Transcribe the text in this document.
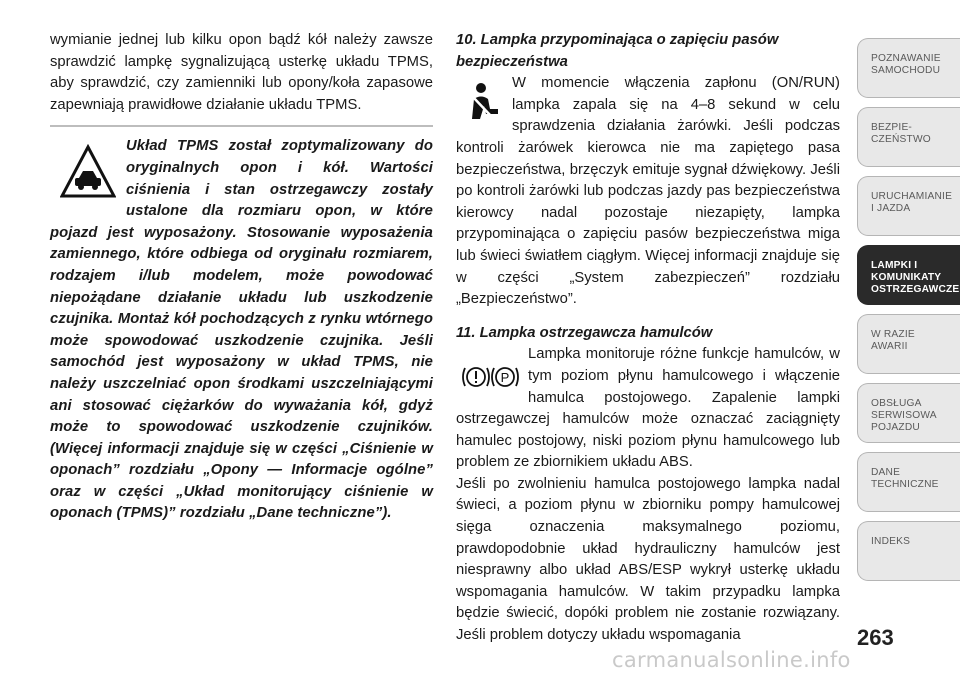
wymianie jednej lub kilku opon bądź kół należy zawsze sprawdzić lampkę sygnalizującą usterkę układu TPMS, aby sprawdzić, czy zamienniki lub opony/koła zapasowe zapewniają prawidłowe działanie układu TPMS.

Układ TPMS został zoptymalizowany do oryginalnych opon i kół. Wartości ciśnienia i stan ostrzegawczy zostały ustalone dla rozmiaru opon, w które pojazd jest wyposażony. Stosowanie wyposażenia zamiennego, które odbiega od oryginału rozmiarem, rodzajem i/lub modelem, może powodować niepożądane działanie układu lub uszkodzenie czujnika. Montaż kół pochodzących z rynku wtórnego może spowodować uszkodzenie czujnika. Jeśli samochód jest wyposażony w układ TPMS, nie należy uszczelniać opon środkami uszczelniającymi ani stosować ciężarków do wyważania kół, gdyż może to spowodować uszkodzenie czujników. (Więcej informacji znajduje się w części „Ciśnienie w oponach” rozdziału „Opony — Informacje ogólne” oraz w części „Układ monitorujący ciśnienie w oponach (TPMS)” rozdziału „Dane techniczne”).

10. Lampka przypominająca o zapięciu pasów bezpieczeństwa

W momencie włączenia zapłonu (ON/RUN) lampka zapala się na 4–8 sekund w celu sprawdzenia działania żarówki. Jeśli podczas kontroli żarówek kierowca nie ma zapiętego pasa bezpieczeństwa, brzęczyk emituje sygnał dźwiękowy. Jeśli po kontroli żarówki lub podczas jazdy pas bezpieczeństwa kierowcy nadal pozostaje niezapięty, lampka przypominająca o zapięciu pasów bezpieczeństwa miga lub świeci światłem ciągłym. Więcej informacji znajduje się w części „System zabezpieczeń” rozdziału „Bezpieczeństwo”.

11. Lampka ostrzegawcza hamulców

P

Lampka monitoruje różne funkcje hamulców, w tym poziom płynu hamulcowego i włączenie hamulca postojowego. Zapalenie lampki ostrzegawczej hamulców może oznaczać zaciągnięty hamulec postojowy, niski poziom płynu hamulcowego lub problem ze zbiornikiem układu ABS.

Jeśli po zwolnieniu hamulca postojowego lampka nadal świeci, a poziom płynu w zbiorniku pompy hamulcowej sięga oznaczenia maksymalnego poziomu, prawdopodobnie układ hydrauliczny hamulców jest niesprawny albo układ ABS/ESP wykrył usterkę układu wspomagania hamulców. W takim przypadku lampka będzie świecić, dopóki problem nie zostanie rozwiązany. Jeśli problem dotyczy układu wspomagania

POZNAWANIE
SAMOCHODU
BEZPIE-
CZEŃSTWO
URUCHAMIANIE
I JAZDA
LAMPKI I
KOMUNIKATY
OSTRZEGAWCZE
W RAZIE
AWARII
OBSŁUGA
SERWISOWA
POJAZDU
DANE
TECHNICZNE
INDEKS
263
carmanualsonline.info
